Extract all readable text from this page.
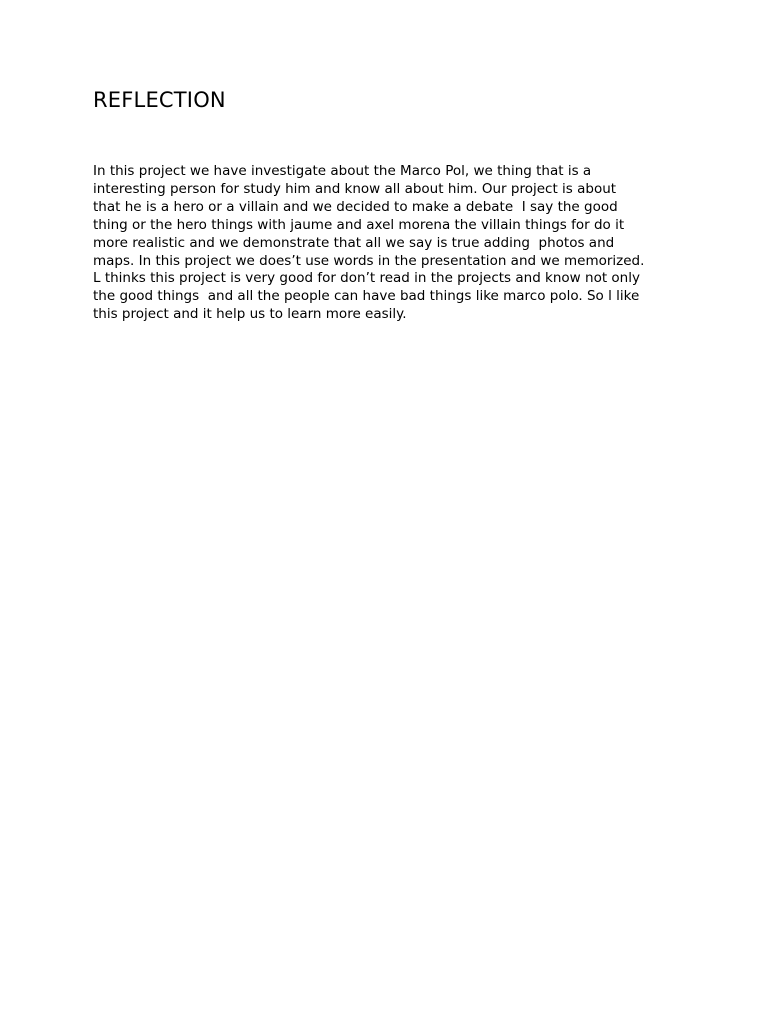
REFLECTION
In this project we have investigate about the Marco Pol, we thing that is a
interesting person for study him and know all about him. Our project is about
that he is a hero or a villain and we decided to make a debate  I say the good
thing or the hero things with jaume and axel morena the villain things for do it
more realistic and we demonstrate that all we say is true adding  photos and
maps. In this project we does’t use words in the presentation and we memorized.
L thinks this project is very good for don’t read in the projects and know not only
the good things  and all the people can have bad things like marco polo. So l like
this project and it help us to learn more easily.
